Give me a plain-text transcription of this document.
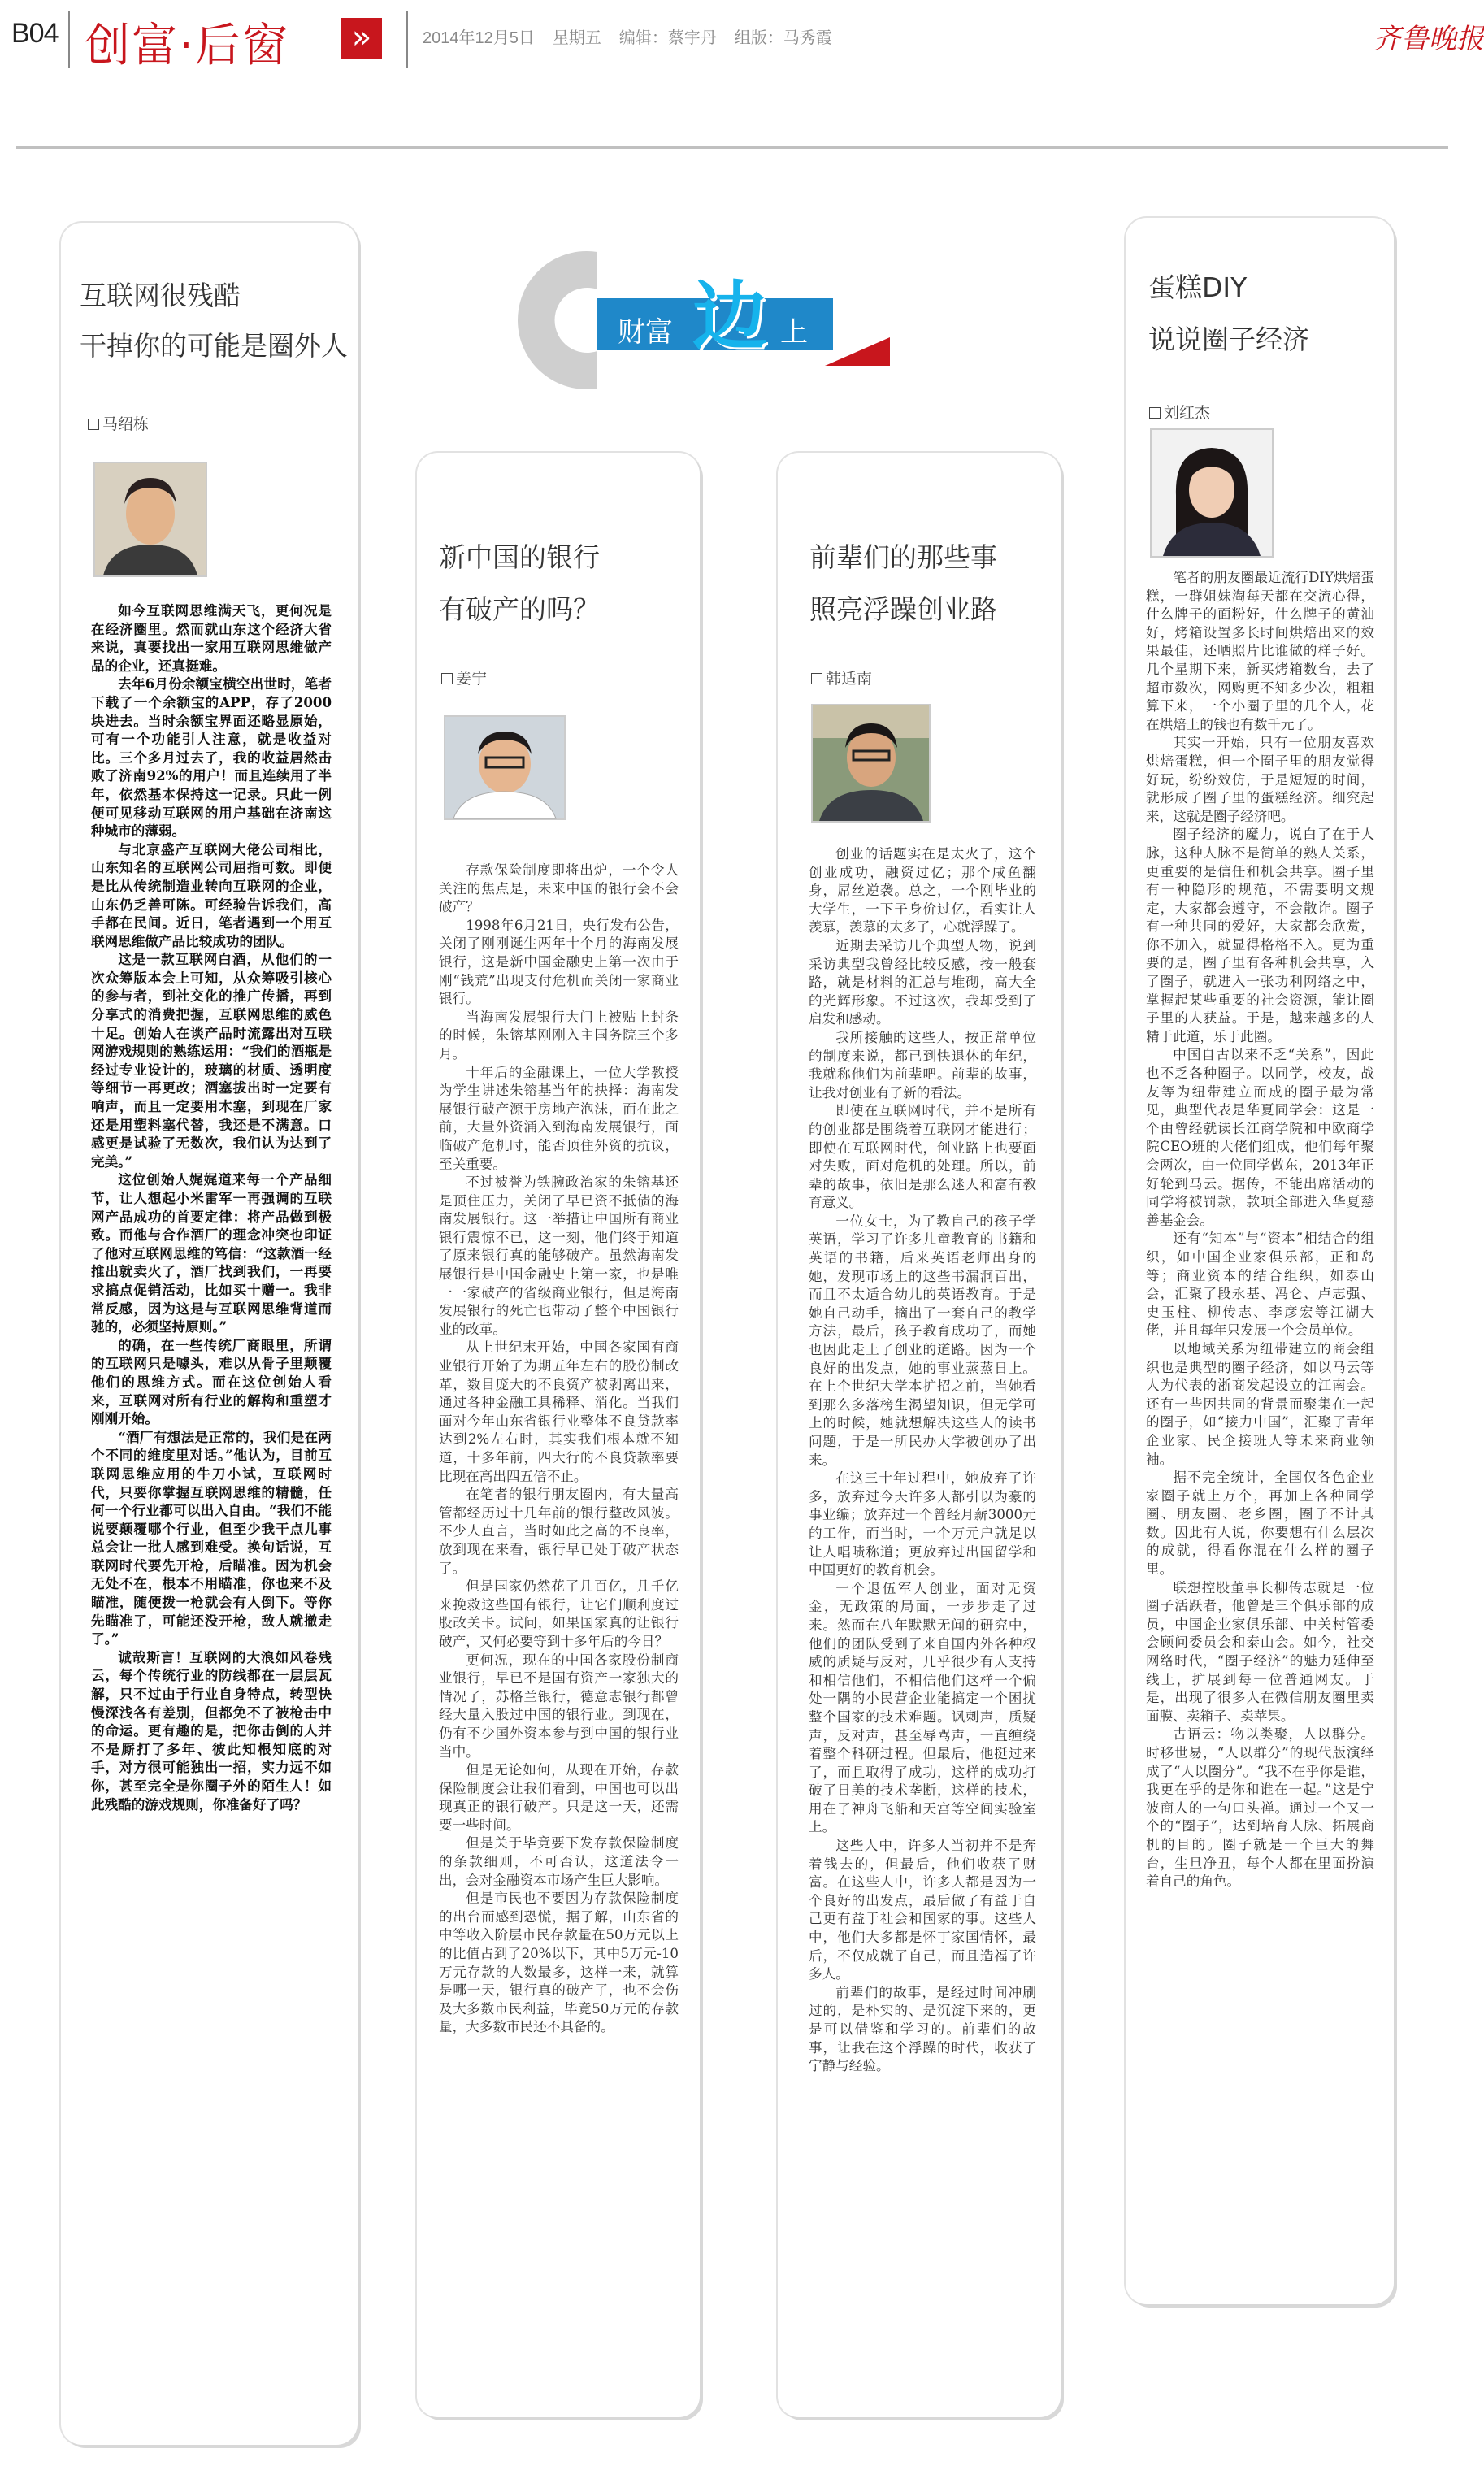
B04 创富·后窗	»	2014年12月5日 星期五 编辑：蔡宇丹 组版：马秀霞	齐鲁晚报
财富 边 上
互联网很残酷
干掉你的可能是圈外人
马绍栋

如今互联网思维满天飞，更何况是在经济圈里。然而就山东这个经济大省来说，真要找出一家用互联网思维做产品的企业，还真挺难。

去年6月份余额宝横空出世时，笔者下载了一个余额宝的APP，存了2000块进去。当时余额宝界面还略显原始，可有一个功能引人注意，就是收益对比。三个多月过去了，我的收益居然击败了济南92%的用户！而且连续用了半年，依然基本保持这一记录。只此一例便可见移动互联网的用户基础在济南这种城市的薄弱。

与北京盛产互联网大佬公司相比，山东知名的互联网公司屈指可数。即便是比从传统制造业转向互联网的企业，山东仍乏善可陈。可经验告诉我们，高手都在民间。近日，笔者遇到一个用互联网思维做产品比较成功的团队。

这是一款互联网白酒，从他们的一次众筹版本会上可知，从众筹吸引核心的参与者，到社交化的推广传播，再到分享式的消费把握，互联网思维的威色十足。创始人在谈产品时流露出对互联网游戏规则的熟练运用：“我们的酒瓶是经过专业设计的，玻璃的材质、透明度等细节一再更改；酒塞拔出时一定要有响声，而且一定要用木塞，到现在厂家还是用塑料塞代替，我还是不满意。口感更是试验了无数次，我们认为达到了完美。”

这位创始人娓娓道来每一个产品细节，让人想起小米雷军一再强调的互联网产品成功的首要定律：将产品做到极致。而他与合作酒厂的理念冲突也印证了他对互联网思维的笃信：“这款酒一经推出就卖火了，酒厂找到我们，一再要求搞点促销活动，比如买十赠一。我非常反感，因为这是与互联网思维背道而驰的，必须坚持原则。”

的确，在一些传统厂商眼里，所谓的互联网只是噱头，难以从骨子里颠覆他们的思维方式。而在这位创始人看来，互联网对所有行业的解构和重塑才刚刚开始。

“酒厂有想法是正常的，我们是在两个不同的维度里对话。”他认为，目前互联网思维应用的牛刀小试，互联网时代，只要你掌握互联网思维的精髓，任何一个行业都可以出入自由。“我们不能说要颠覆哪个行业，但至少我干点儿事总会让一批人感到难受。换句话说，互联网时代要先开枪，后瞄准。因为机会无处不在，根本不用瞄准，你也来不及瞄准，随便拨一枪就会有人倒下。等你先瞄准了，可能还没开枪，敌人就撤走了。”

诚哉斯言！互联网的大浪如风卷残云，每个传统行业的防线都在一层层瓦解，只不过由于行业自身特点，转型快慢深浅各有差别，但都免不了被枪击中的命运。更有趣的是，把你击倒的人并不是厮打了多年、彼此知根知底的对手，对方很可能独出一招，实力远不如你，甚至完全是你圈子外的陌生人！如此残酷的游戏规则，你准备好了吗？

新中国的银行
有破产的吗？
姜宁

存款保险制度即将出炉，一个令人关注的焦点是，未来中国的银行会不会破产？

1998年6月21日，央行发布公告，关闭了刚刚诞生两年十个月的海南发展银行，这是新中国金融史上第一次由于刚“钱荒”出现支付危机而关闭一家商业银行。

当海南发展银行大门上被贴上封条的时候，朱镕基刚刚入主国务院三个多月。

十年后的金融课上，一位大学教授为学生讲述朱镕基当年的抉择：海南发展银行破产源于房地产泡沫，而在此之前，大量外资涌入到海南发展银行，面临破产危机时，能否顶住外资的抗议，至关重要。

不过被誉为铁腕政治家的朱镕基还是顶住压力，关闭了早已资不抵债的海南发展银行。这一举措让中国所有商业银行震惊不已，这一刻，他们终于知道了原来银行真的能够破产。虽然海南发展银行是中国金融史上第一家，也是唯一一家破产的省级商业银行，但是海南发展银行的死亡也带动了整个中国银行业的改革。

从上世纪末开始，中国各家国有商业银行开始了为期五年左右的股份制改革，数目庞大的不良资产被剥离出来，通过各种金融工具稀释、消化。当我们面对今年山东省银行业整体不良贷款率达到2%左右时，其实我们根本就不知道，十多年前，四大行的不良贷款率要比现在高出四五倍不止。

在笔者的银行朋友圈内，有大量高管都经历过十几年前的银行整改风波。不少人直言，当时如此之高的不良率，放到现在来看，银行早已处于破产状态了。

但是国家仍然花了几百亿，几千亿来挽救这些国有银行，让它们顺利度过股改关卡。试问，如果国家真的让银行破产，又何必要等到十多年后的今日？

更何况，现在的中国各家股份制商业银行，早已不是国有资产一家独大的情况了，苏格兰银行，德意志银行都曾经大量入股过中国的银行业。到现在，仍有不少国外资本参与到中国的银行业当中。

但是无论如何，从现在开始，存款保险制度会让我们看到，中国也可以出现真正的银行破产。只是这一天，还需要一些时间。

但是关于毕竟要下发存款保险制度的条款细则，不可否认，这道法令一出，会对金融资本市场产生巨大影响。

但是市民也不要因为存款保险制度的出台而感到恐慌，据了解，山东省的中等收入阶层市民存款量在50万元以上的比值占到了20%以下，其中5万元-10万元存款的人数最多，这样一来，就算是哪一天，银行真的破产了，也不会伤及大多数市民利益，毕竟50万元的存款量，大多数市民还不具备的。

前辈们的那些事
照亮浮躁创业路
韩适南

创业的话题实在是太火了，这个创业成功，融资过亿；那个咸鱼翻身，屌丝逆袭。总之，一个刚毕业的大学生，一下子身价过亿，看实让人羡慕，羡慕的太多了，心就浮躁了。

近期去采访几个典型人物，说到采访典型我曾经比较反感，按一般套路，就是材料的汇总与堆砌，高大全的光辉形象。不过这次，我却受到了启发和感动。

我所接触的这些人，按正常单位的制度来说，都已到快退休的年纪，我就称他们为前辈吧。前辈的故事，让我对创业有了新的看法。

即使在互联网时代，并不是所有的创业都是围绕着互联网才能进行；即使在互联网时代，创业路上也要面对失败，面对危机的处理。所以，前辈的故事，依旧是那么迷人和富有教育意义。

一位女士，为了教自己的孩子学英语，学习了许多儿童教育的书籍和英语的书籍，后来英语老师出身的她，发现市场上的这些书漏洞百出，而且不太适合幼儿的英语教育。于是她自己动手，摘出了一套自己的教学方法，最后，孩子教育成功了，而她也因此走上了创业的道路。因为一个良好的出发点，她的事业蒸蒸日上。在上个世纪大学本扩招之前，当她看到那么多落榜生渴望知识，但无学可上的时候，她就想解决这些人的读书问题，于是一所民办大学被创办了出来。

在这三十年过程中，她放弃了许多，放弃过今天许多人都引以为豪的事业编；放弃过一个曾经月薪3000元的工作，而当时，一个万元户就足以让人唱啧称道；更放弃过出国留学和中国更好的教育机会。

一个退伍军人创业，面对无资金，无政策的局面，一步步走了过来。然而在八年默默无闻的研究中，他们的团队受到了来自国内外各种权威的质疑与反对，几乎很少有人支持和相信他们，不相信他们这样一个偏处一隅的小民营企业能搞定一个困扰整个国家的技术难题。讽刺声，质疑声，反对声，甚至辱骂声，一直缠绕着整个科研过程。但最后，他挺过来了，而且取得了成功，这样的成功打破了日美的技术垄断，这样的技术，用在了神舟飞船和天宫等空间实验室上。

这些人中，许多人当初并不是奔着钱去的，但最后，他们收获了财富。在这些人中，许多人都是因为一个良好的出发点，最后做了有益于自己更有益于社会和国家的事。这些人中，他们大多都是怀丁家国情怀，最后，不仅成就了自己，而且造福了许多人。

前辈们的故事，是经过时间冲刷过的，是朴实的、是沉淀下来的，更是可以借鉴和学习的。前辈们的故事，让我在这个浮躁的时代，收获了宁静与经验。

蛋糕DIY
说说圈子经济
刘红杰

笔者的朋友圈最近流行DIY烘焙蛋糕，一群姐妹淘每天都在交流心得，什么牌子的面粉好，什么牌子的黄油好，烤箱设置多长时间烘焙出来的效果最佳，还晒照片比谁做的样子好。几个星期下来，新买烤箱数台，去了超市数次，网购更不知多少次，粗粗算下来，一个小圈子里的几个人，花在烘焙上的钱也有数千元了。

其实一开始，只有一位朋友喜欢烘焙蛋糕，但一个圈子里的朋友觉得好玩，纷纷效仿，于是短短的时间，就形成了圈子里的蛋糕经济。细究起来，这就是圈子经济吧。

圈子经济的魔力，说白了在于人脉，这种人脉不是简单的熟人关系，更重要的是信任和机会共享。圈子里有一种隐形的规范，不需要明文规定，大家都会遵守，不会散诈。圈子有一种共同的爱好，大家都会欣赏，你不加入，就显得格格不入。更为重要的是，圈子里有各种机会共享，入了圈子，就进入一张功利网络之中，掌握起某些重要的社会资源，能让圈子里的人获益。于是，越来越多的人精于此道，乐于此圈。

中国自古以来不乏“关系”，因此也不乏各种圈子。以同学，校友，战友等为纽带建立而成的圈子最为常见，典型代表是华夏同学会：这是一个由曾经就读长江商学院和中欧商学院CEO班的大佬们组成，他们每年聚会两次，由一位同学做东，2013年正好轮到马云。据传，不能出席活动的同学将被罚款，款项全部进入华夏慈善基金会。

还有“知本”与“资本”相结合的组织，如中国企业家俱乐部，正和岛等；商业资本的结合组织，如泰山会，汇聚了段永基、冯仑、卢志强、史玉柱、柳传志、李彦宏等江湖大佬，并且每年只发展一个会员单位。

以地域关系为纽带建立的商会组织也是典型的圈子经济，如以马云等人为代表的浙商发起设立的江南会。还有一些因共同的背景而聚集在一起的圈子，如“接力中国”，汇聚了青年企业家、民企接班人等未来商业领袖。

据不完全统计，全国仅各色企业家圈子就上万个，再加上各种同学圈、朋友圈、老乡圈，圈子不计其数。因此有人说，你要想有什么层次的成就，得看你混在什么样的圈子里。

联想控股董事长柳传志就是一位圈子活跃者，他曾是三个俱乐部的成员，中国企业家俱乐部、中关村管委会顾问委员会和泰山会。如今，社交网络时代，“圈子经济”的魅力延伸至线上，扩展到每一位普通网友。于是，出现了很多人在微信朋友圈里卖面膜、卖箱子、卖苹果。

古语云：物以类聚，人以群分。时移世易，“人以群分”的现代版演绎成了“人以圈分”。“我不在乎你是谁，我更在乎的是你和谁在一起。”这是宁波商人的一句口头禅。通过一个又一个的“圈子”，达到培育人脉、拓展商机的目的。圈子就是一个巨大的舞台，生旦净丑，每个人都在里面扮演着自己的角色。
